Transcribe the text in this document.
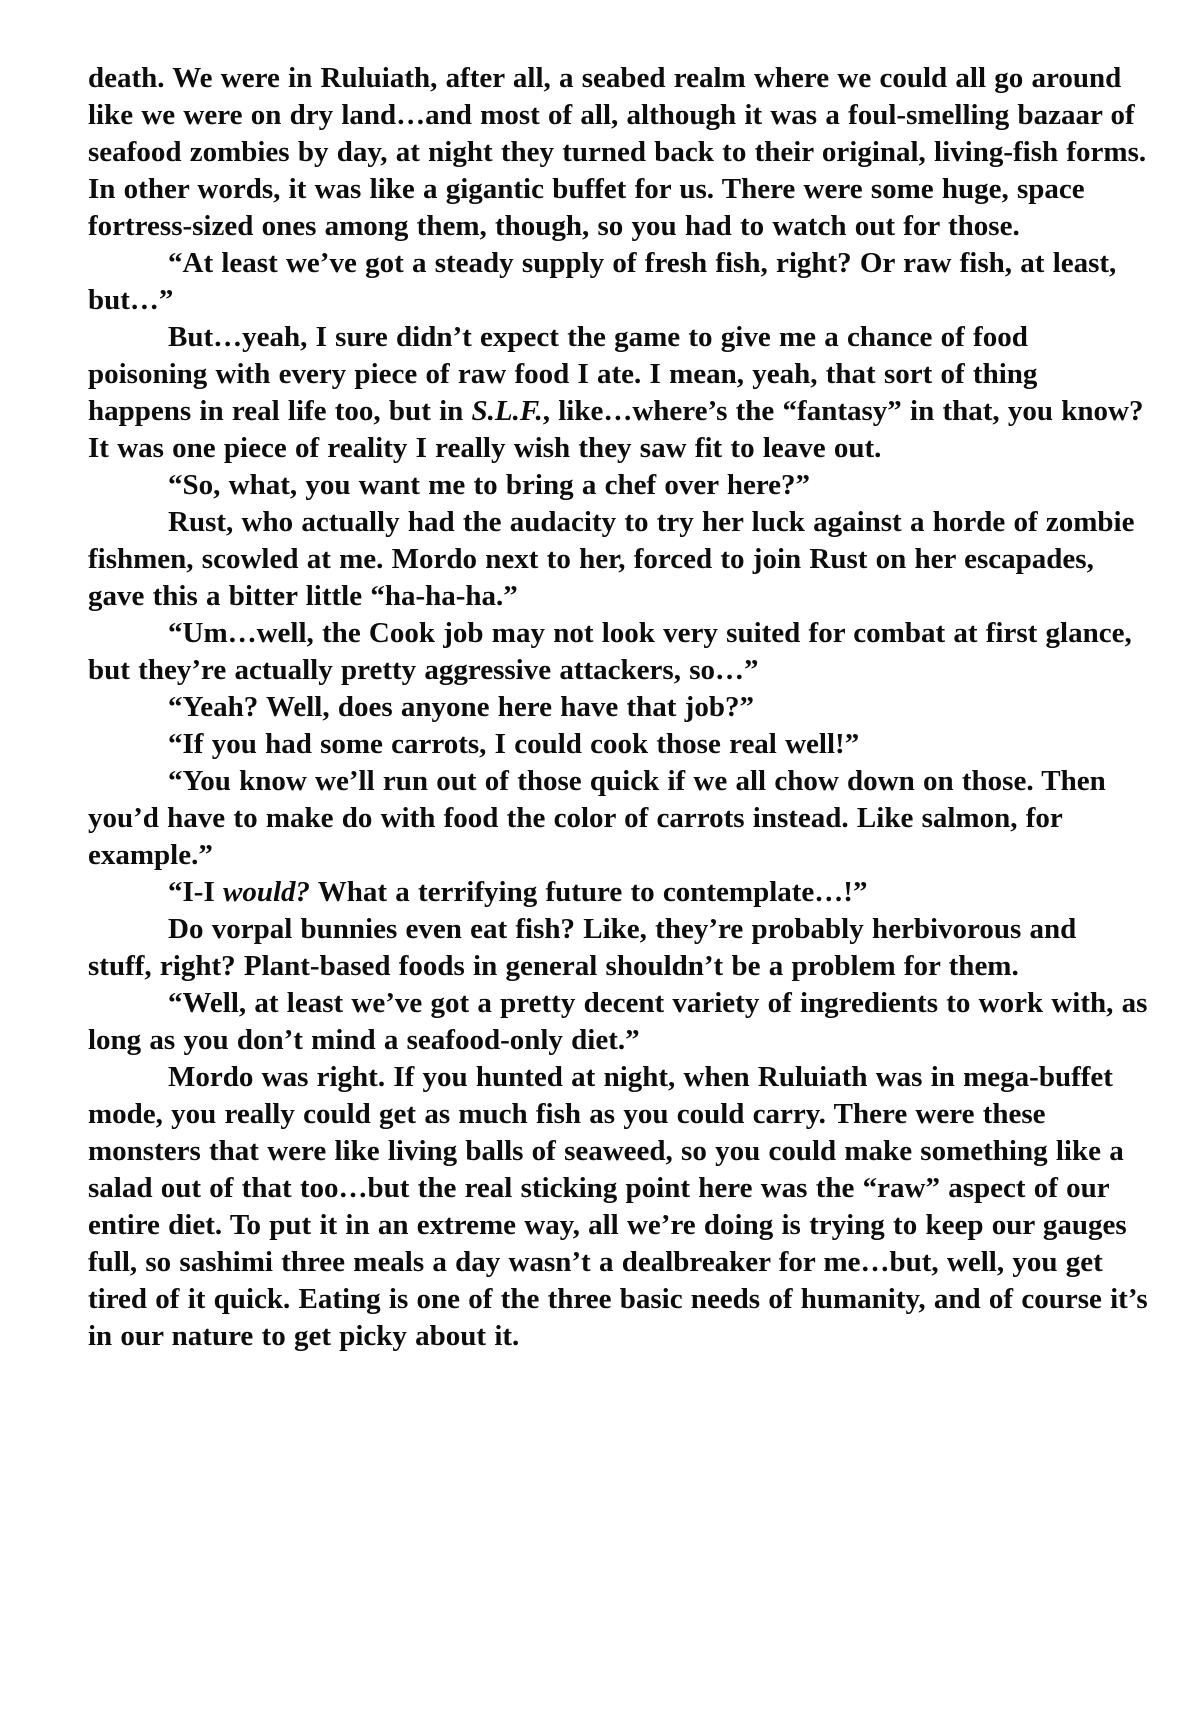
death. We were in Ruluiath, after all, a seabed realm where we could all go around like we were on dry land…and most of all, although it was a foul-smelling bazaar of seafood zombies by day, at night they turned back to their original, living-fish forms. In other words, it was like a gigantic buffet for us. There were some huge, space fortress-sized ones among them, though, so you had to watch out for those.

“At least we’ve got a steady supply of fresh fish, right? Or raw fish, at least, but…”

But…yeah, I sure didn’t expect the game to give me a chance of food poisoning with every piece of raw food I ate. I mean, yeah, that sort of thing happens in real life too, but in S.L.F., like…where’s the “fantasy” in that, you know? It was one piece of reality I really wish they saw fit to leave out.

“So, what, you want me to bring a chef over here?”

Rust, who actually had the audacity to try her luck against a horde of zombie fishmen, scowled at me. Mordo next to her, forced to join Rust on her escapades, gave this a bitter little “ha-ha-ha.”

“Um…well, the Cook job may not look very suited for combat at first glance, but they’re actually pretty aggressive attackers, so…”

“Yeah? Well, does anyone here have that job?”

“If you had some carrots, I could cook those real well!”

“You know we’ll run out of those quick if we all chow down on those. Then you’d have to make do with food the color of carrots instead. Like salmon, for example.”

“I-I would? What a terrifying future to contemplate…!”

Do vorpal bunnies even eat fish? Like, they’re probably herbivorous and stuff, right? Plant-based foods in general shouldn’t be a problem for them.

“Well, at least we’ve got a pretty decent variety of ingredients to work with, as long as you don’t mind a seafood-only diet.”

Mordo was right. If you hunted at night, when Ruluiath was in mega-buffet mode, you really could get as much fish as you could carry. There were these monsters that were like living balls of seaweed, so you could make something like a salad out of that too…but the real sticking point here was the “raw” aspect of our entire diet. To put it in an extreme way, all we’re doing is trying to keep our gauges full, so sashimi three meals a day wasn’t a dealbreaker for me…but, well, you get tired of it quick. Eating is one of the three basic needs of humanity, and of course it’s in our nature to get picky about it.
